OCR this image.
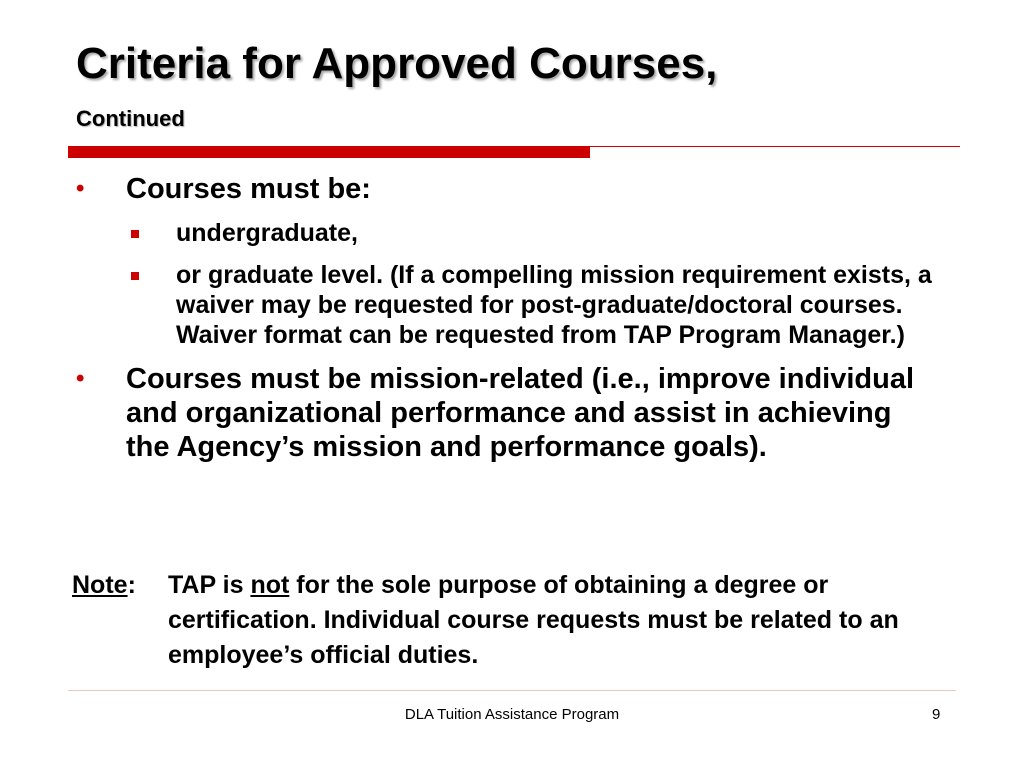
Criteria for Approved Courses,
Continued
• Courses must be:
undergraduate,
or graduate level. (If a compelling mission requirement exists, a waiver may be requested for post-graduate/doctoral courses. Waiver format can be requested from TAP Program Manager.)
• Courses must be mission-related (i.e., improve individual and organizational performance and assist in achieving the Agency’s mission and performance goals).
Note: TAP is not for the sole purpose of obtaining a degree or certification. Individual course requests must be related to an employee’s official duties.
DLA Tuition Assistance Program	9
